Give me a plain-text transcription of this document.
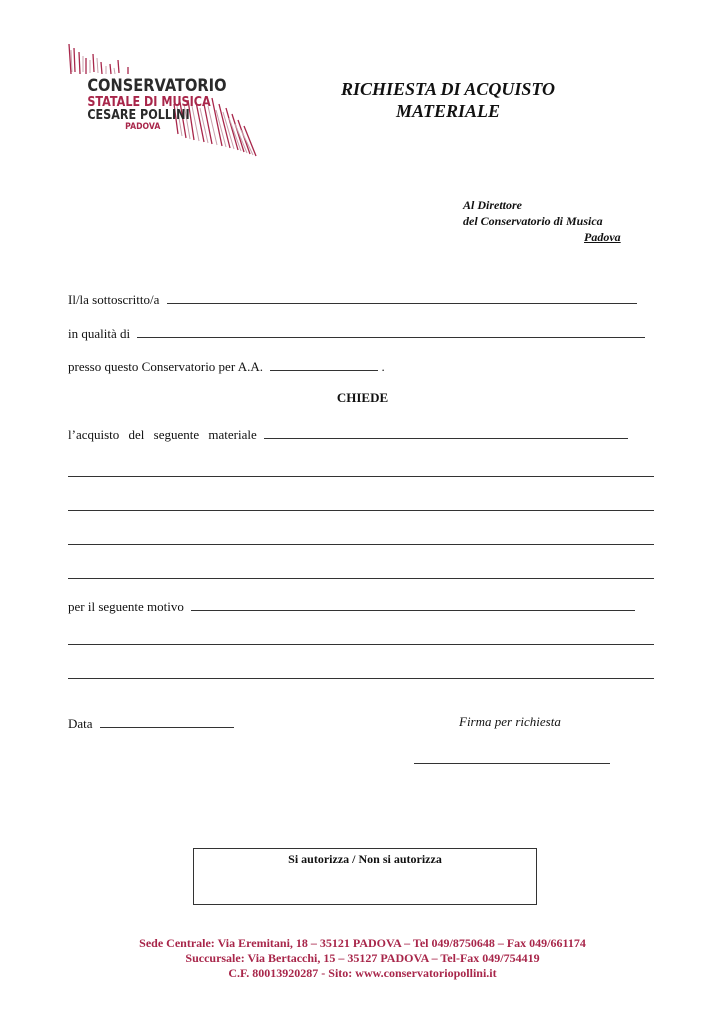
CONSERVATORIO
STATALE DI MUSICA
CESARE POLLINI
PADOVA
RICHIESTA DI ACQUISTO
MATERIALE
Al Direttore
del Conservatorio di Musica
Padova
Il/la sottoscritto/a
in qualità di
presso questo Conservatorio per A.A.	.
CHIEDE
l’acquisto del seguente materiale
per il seguente motivo
Data	Firma per richiesta
Si autorizza / Non si autorizza
Sede Centrale: Via Eremitani, 18 – 35121 PADOVA – Tel 049/8750648 – Fax 049/661174
Succursale: Via Bertacchi, 15 – 35127 PADOVA – Tel-Fax 049/754419
C.F. 80013920287 - Sito: www.conservatoriopollini.it
